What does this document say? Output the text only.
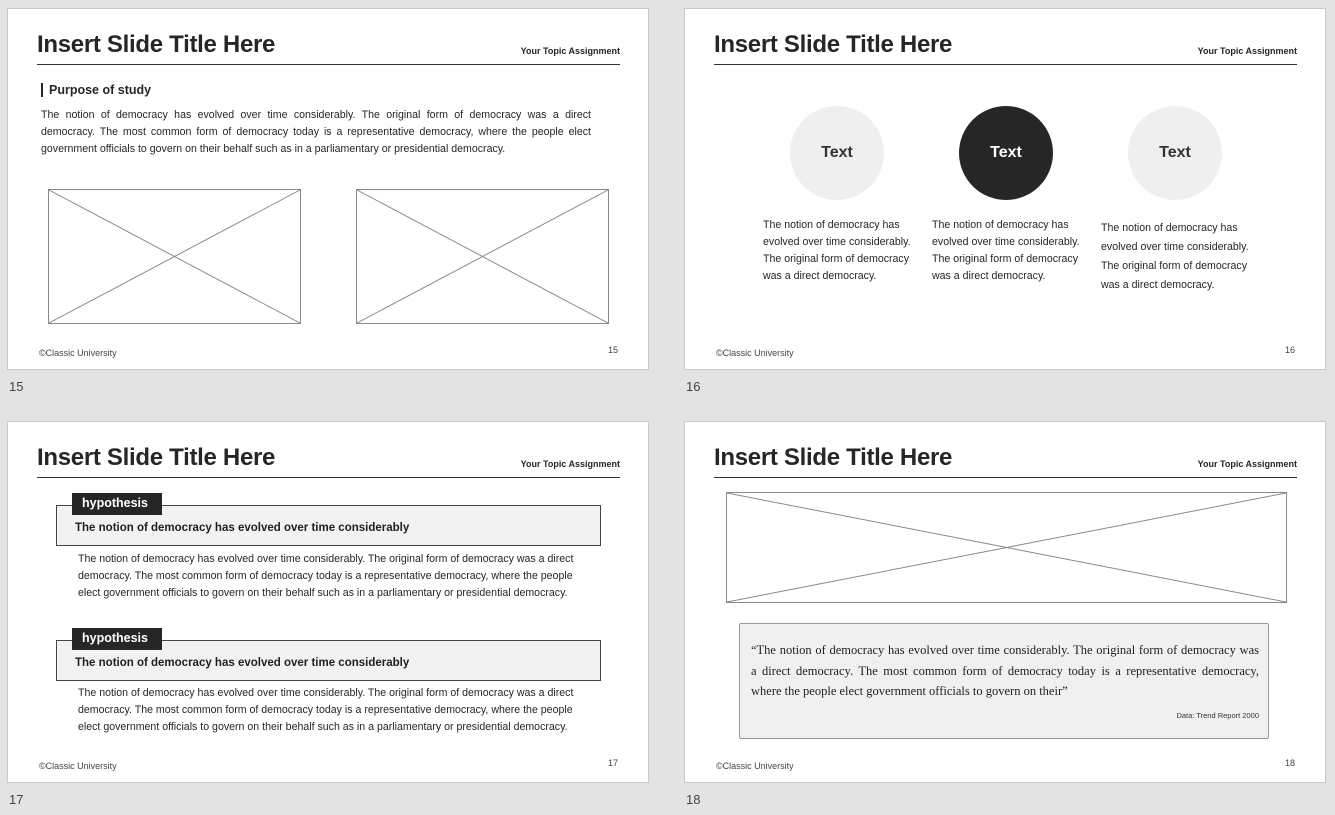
Insert Slide Title Here	Your Topic Assignment
Purpose of study
The notion of democracy has evolved over time considerably. The original form of democracy was a direct democracy. The most common form of democracy today is a representative democracy, where the people elect government officials to govern on their behalf such as in a parliamentary or presidential democracy.
©Classic University	15
15
Insert Slide Title Here	Your Topic Assignment
Text	Text	Text
The notion of democracy has evolved over time considerably. The original form of democracy was a direct democracy.
The notion of democracy has evolved over time considerably. The original form of democracy was a direct democracy.
The notion of democracy has evolved over time considerably. The original form of democracy was a direct democracy.
©Classic University	16
16
Insert Slide Title Here	Your Topic Assignment
The notion of democracy has evolved over time considerably
hypothesis
The notion of democracy has evolved over time considerably. The original form of democracy was a direct democracy. The most common form of democracy today is a representative democracy, where the people elect government officials to govern on their behalf such as in a parliamentary or presidential democracy.
The notion of democracy has evolved over time considerably
hypothesis
The notion of democracy has evolved over time considerably. The original form of democracy was a direct democracy. The most common form of democracy today is a representative democracy, where the people elect government officials to govern on their behalf such as in a parliamentary or presidential democracy.
©Classic University	17
17
Insert Slide Title Here	Your Topic Assignment
“The notion of democracy has evolved over time considerably. The original form of democracy was a direct democracy. The most common form of democracy today is a representative democracy, where the people elect government officials to govern on their”
Data: Trend Report 2000
©Classic University	18
18
